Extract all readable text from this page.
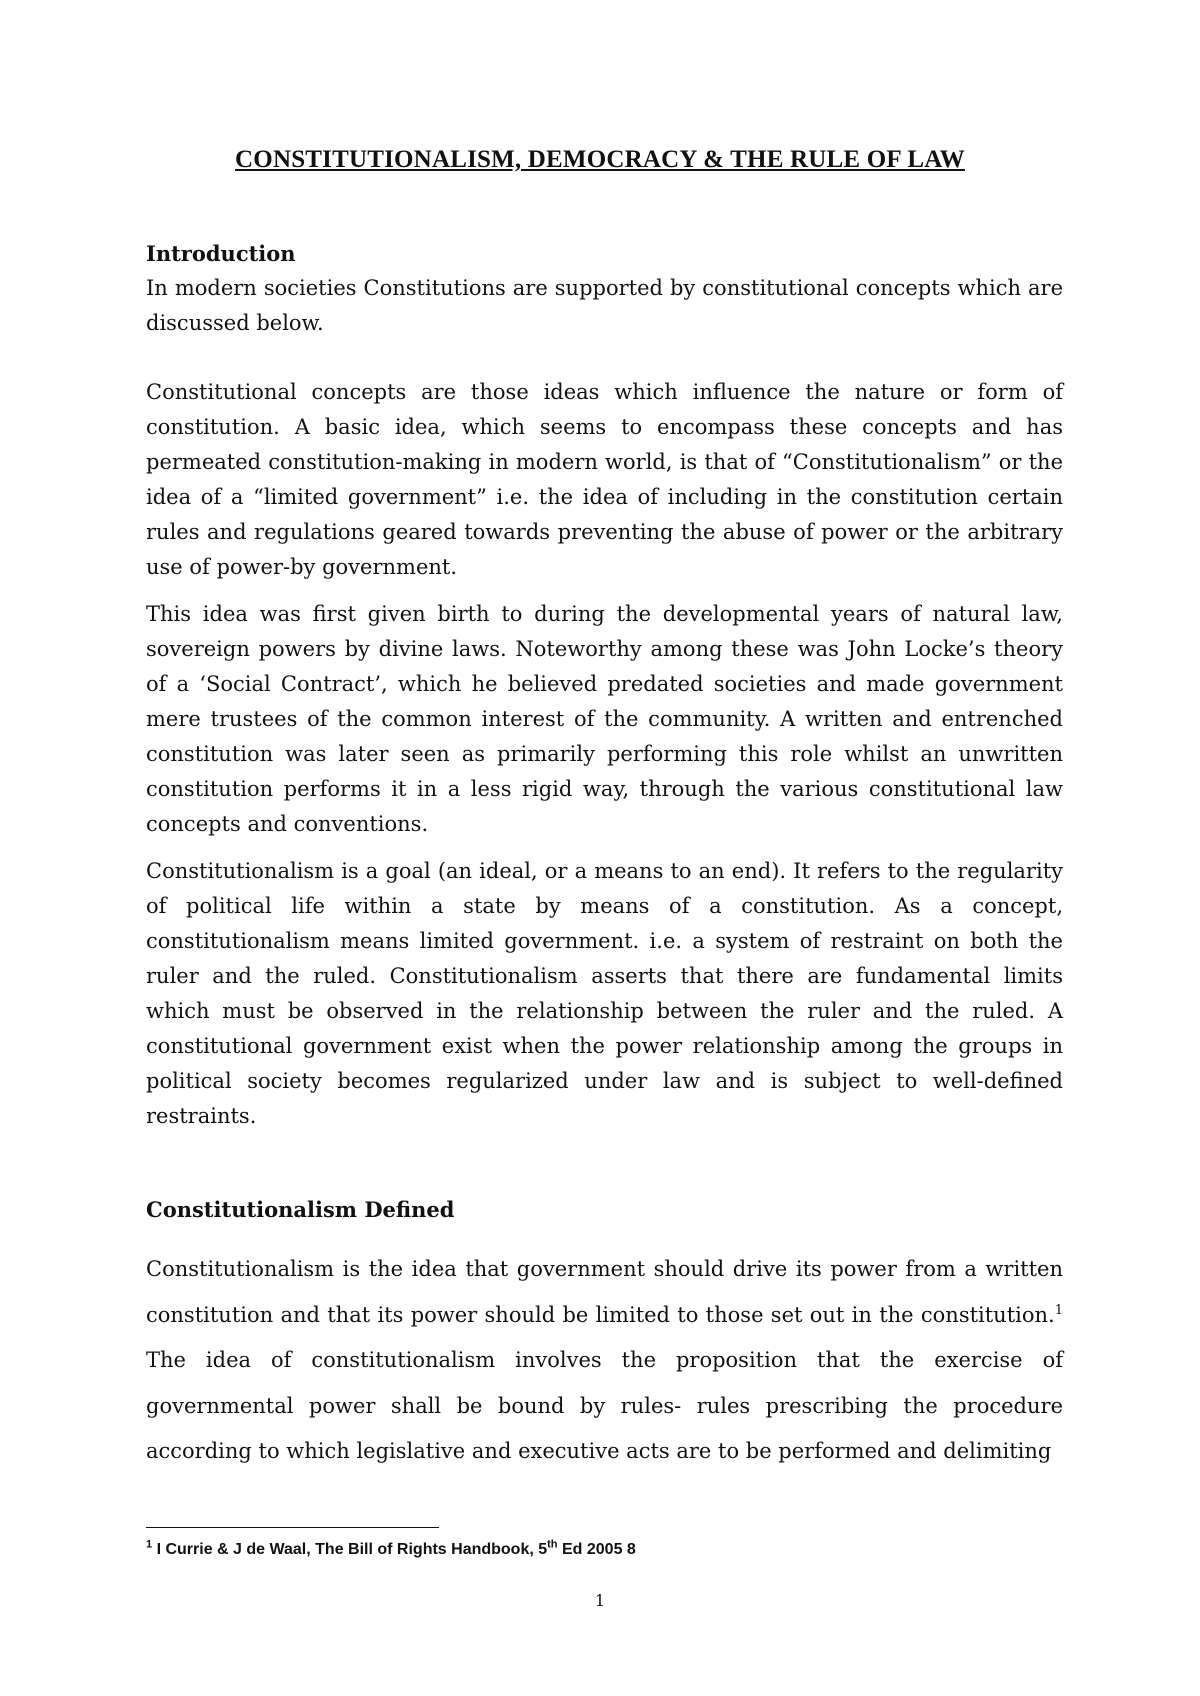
CONSTITUTIONALISM, DEMOCRACY & THE RULE OF LAW
Introduction

In modern societies Constitutions are supported by constitutional concepts which are discussed below.

Constitutional concepts are those ideas which influence the nature or form of constitution. A basic idea, which seems to encompass these concepts and has permeated constitution-making in modern world, is that of “Constitutionalism” or the idea of a “limited government” i.e. the idea of including in the constitution certain rules and regulations geared towards preventing the abuse of power or the arbitrary use of power-by government.

This idea was first given birth to during the developmental years of natural law, sovereign powers by divine laws. Noteworthy among these was John Locke’s theory of a ‘Social Contract’, which he believed predated societies and made government mere trustees of the common interest of the community. A written and entrenched constitution was later seen as primarily performing this role whilst an unwritten constitution performs it in a less rigid way, through the various constitutional law concepts and conventions.

Constitutionalism is a goal (an ideal, or a means to an end). It refers to the regularity of political life within a state by means of a constitution. As a concept, constitutionalism means limited government. i.e. a system of restraint on both the ruler and the ruled. Constitutionalism asserts that there are fundamental limits which must be observed in the relationship between the ruler and the ruled. A constitutional government exist when the power relationship among the groups in political society becomes regularized under law and is subject to well-defined restraints.

Constitutionalism Defined

Constitutionalism is the idea that government should drive its power from a written constitution and that its power should be limited to those set out in the constitution.$^1$ The idea of constitutionalism involves the proposition that the exercise of governmental power shall be bound by rules- rules prescribing the procedure according to which legislative and executive acts are to be performed and delimiting

$^1$ I Currie & J de Waal, The Bill of Rights Handbook, 5th Ed 2005 8
1
